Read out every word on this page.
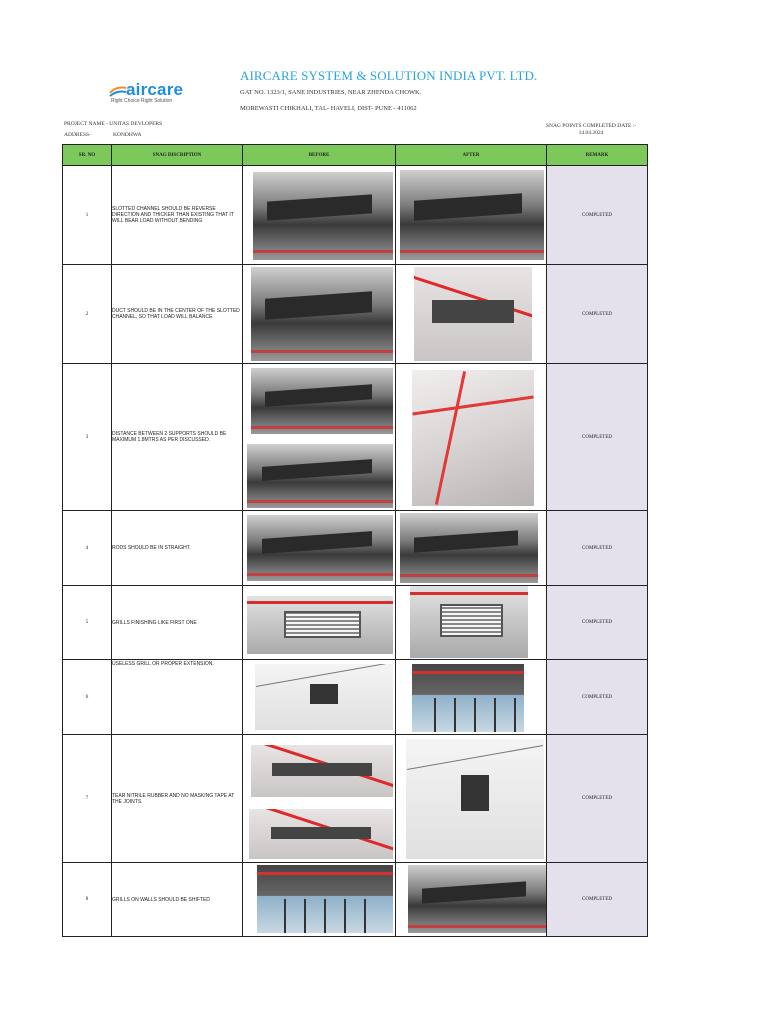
aircare
Right Choice Right Solution
AIRCARE SYSTEM & SOLUTION INDIA PVT. LTD.
GAT NO. 1323/1, SANE INDUSTRIES, NEAR ZHENDA CHOWK.
MOREWASTI CHIKHALI, TAL- HAVELI, DIST- PUNE - 411062
PROJECT NAME - UNITAS DEVLOPERS
ADDRESS-	KONDHWA
SNAG POINTS COMPLETED DATE :-
14.04.2024
SR. NO	SNAG DISCRIPTION	BEFORE	AFTER	REMARK
1	SLOTTED CHANNEL SHOULD BE REVERSE DIRECTION AND THICKER THAN EXISTING THAT IT WILL BEAR LOAD WITHOUT BENDING			COMPLETED
2	DUCT SHOULD BE IN THE CENTER OF THE SLOTTED CHANNEL, SO THAT LOAD WILL BALANCE			COMPLETED
3	DISTANCE BETWEEN 2 SUPPORTS SHOULD BE MAXIMUM 1.8MTRS AS PER DISCUSSED.			COMPLETED
4	RODS SHOULD BE IN STRAIGHT.			COMPLETED
5	GRILLS FINISHING LIKE FIRST ONE			COMPLETED
6	USELESS GRILL OR PROPER EXTENSION.			COMPLETED
7	TEAR NITRILE RUBBER AND NO MASKING TAPE AT THE JOINTS.			COMPLETED
8	GRILLS ON WALLS SHOULD BE SHIFTED			COMPLETED
